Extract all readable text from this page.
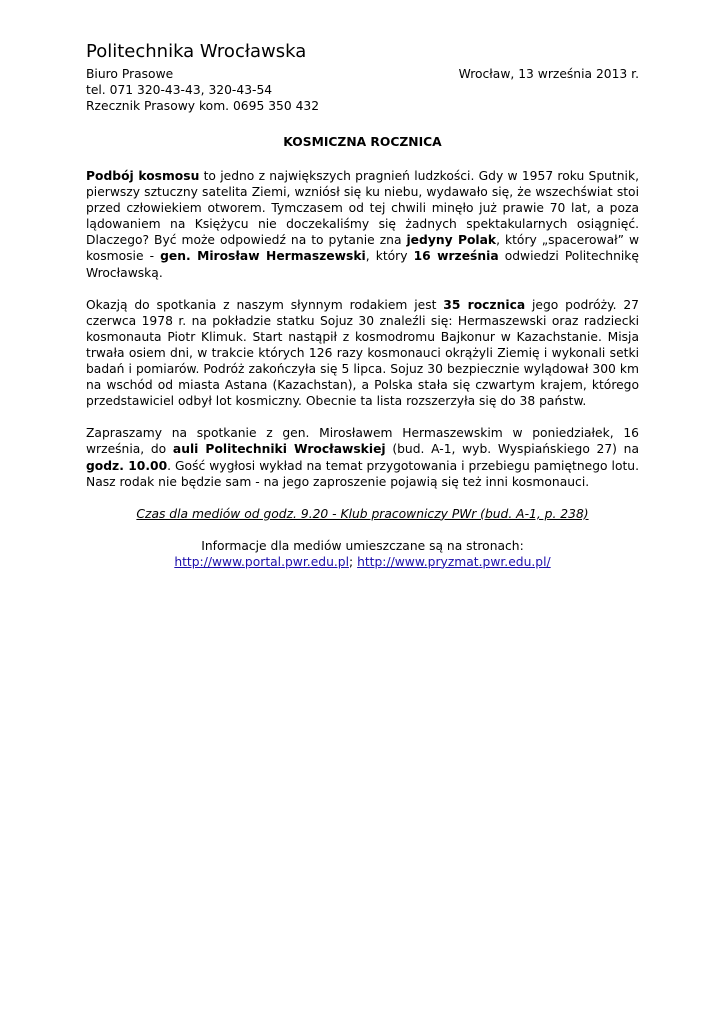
Politechnika Wrocławska
Biuro Prasowe	Wrocław, 13 września 2013 r.
tel. 071 320-43-43, 320-43-54
Rzecznik Prasowy kom. 0695 350 432
KOSMICZNA ROCZNICA

Podbój kosmosu to jedno z największych pragnień ludzkości. Gdy w 1957 roku Sputnik, pierwszy sztuczny satelita Ziemi, wzniósł się ku niebu, wydawało się, że wszechświat stoi przed człowiekiem otworem. Tymczasem od tej chwili minęło już prawie 70 lat, a poza lądowaniem na Księżycu nie doczekaliśmy się żadnych spektakularnych osiągnięć. Dlaczego? Być może odpowiedź na to pytanie zna jedyny Polak, który „spacerował” w kosmosie - gen. Mirosław Hermaszewski, który 16 września odwiedzi Politechnikę Wrocławską.

Okazją do spotkania z naszym słynnym rodakiem jest 35 rocznica jego podróży. 27 czerwca 1978 r. na pokładzie statku Sojuz 30 znaleźli się: Hermaszewski oraz radziecki kosmonauta Piotr Klimuk. Start nastąpił z kosmodromu Bajkonur w Kazachstanie. Misja trwała osiem dni, w trakcie których 126 razy kosmonauci okrążyli Ziemię i wykonali setki badań i pomiarów. Podróż zakończyła się 5 lipca. Sojuz 30 bezpiecznie wylądował 300 km na wschód od miasta Astana (Kazachstan), a Polska stała się czwartym krajem, którego przedstawiciel odbył lot kosmiczny. Obecnie ta lista rozszerzyła się do 38 państw.

Zapraszamy na spotkanie z gen. Mirosławem Hermaszewskim w poniedziałek, 16 września, do auli Politechniki Wrocławskiej (bud. A-1, wyb. Wyspiańskiego 27) na godz. 10.00. Gość wygłosi wykład na temat przygotowania i przebiegu pamiętnego lotu. Nasz rodak nie będzie sam - na jego zaproszenie pojawią się też inni kosmonauci.

Czas dla mediów od godz. 9.20 - Klub pracowniczy PWr (bud. A-1, p. 238)
Informacje dla mediów umieszczane są na stronach:
http://www.portal.pwr.edu.pl; http://www.pryzmat.pwr.edu.pl/
